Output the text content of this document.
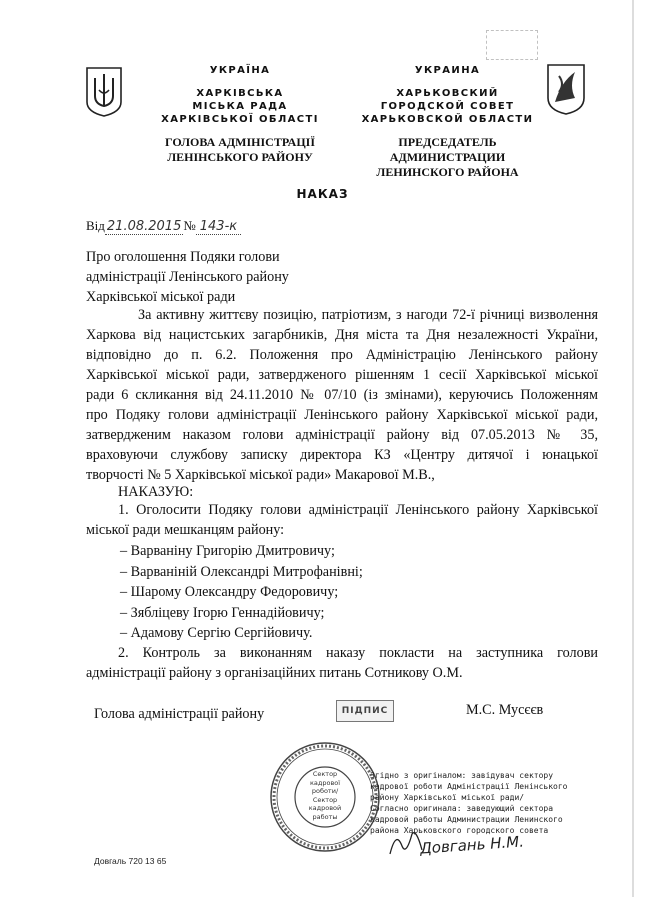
УКРАЇНА
ХАРКІВСЬКА
МІСЬКА РАДА
ХАРКІВСЬКОЇ ОБЛАСТІ
ГОЛОВА АДМІНІСТРАЦІЇ
ЛЕНІНСЬКОГО РАЙОНУ
УКРАИНА
ХАРЬКОВСКИЙ
ГОРОДСКОЙ СОВЕТ
ХАРЬКОВСКОЙ ОБЛАСТИ
ПРЕДСЕДАТЕЛЬ АДМИНИСТРАЦИИ
ЛЕНИНСКОГО РАЙОНА
НАКАЗ
Від 21.08.2015 № 143-к
Про оголошення Подяки голови
адміністрації Ленінського району
Харківської міської ради
За активну життєву позицію, патріотизм, з нагоди 72-ї річниці визволення
Харкова від нацистських загарбників, Дня міста та Дня незалежності України,
відповідно до п. 6.2. Положення про Адміністрацію Ленінського району
Харківської міської ради, затвердженого рішенням 1 сесії Харківської міської
ради 6 скликання від 24.11.2010 № 07/10 (із змінами), керуючись Положенням
про Подяку голови адміністрації Ленінського району Харківської міської ради,
затвердженим наказом голови адміністрації району від 07.05.2013 № 35,
враховуючи службову записку директора КЗ «Центру дитячої і юнацької
творчості № 5 Харківської міської ради» Макарової М.В.,
НАКАЗУЮ:
1. Оголосити Подяку голови адміністрації Ленінського району Харківської
міської ради мешканцям району:
– Варваніну Григорію Дмитровичу;
– Варваніній Олександрі Митрофанівні;
– Шарому Олександру Федоровичу;
– Зябліцеву Ігорю Геннадійовичу;
– Адамову Сергію Сергійовичу.
2. Контроль за виконанням наказу покласти на заступника голови
адміністрації району з організаційних питань Сотникову О.М.
Голова адміністрації району	ПІДПИС	М.С. Мусєєв
Сектор
кадрової
роботи/
Сектор
кадровой
работы
Згідно з оригіналом: завідувач сектору
кадрової роботи Адміністрації Ленінського
району Харківської міської ради/
Согласно оригинала: заведующий сектора
кадровой работы Администрации Ленинского
района Харьковского городского совета
Довгань Н.М.
Довгаль 720 13 65
